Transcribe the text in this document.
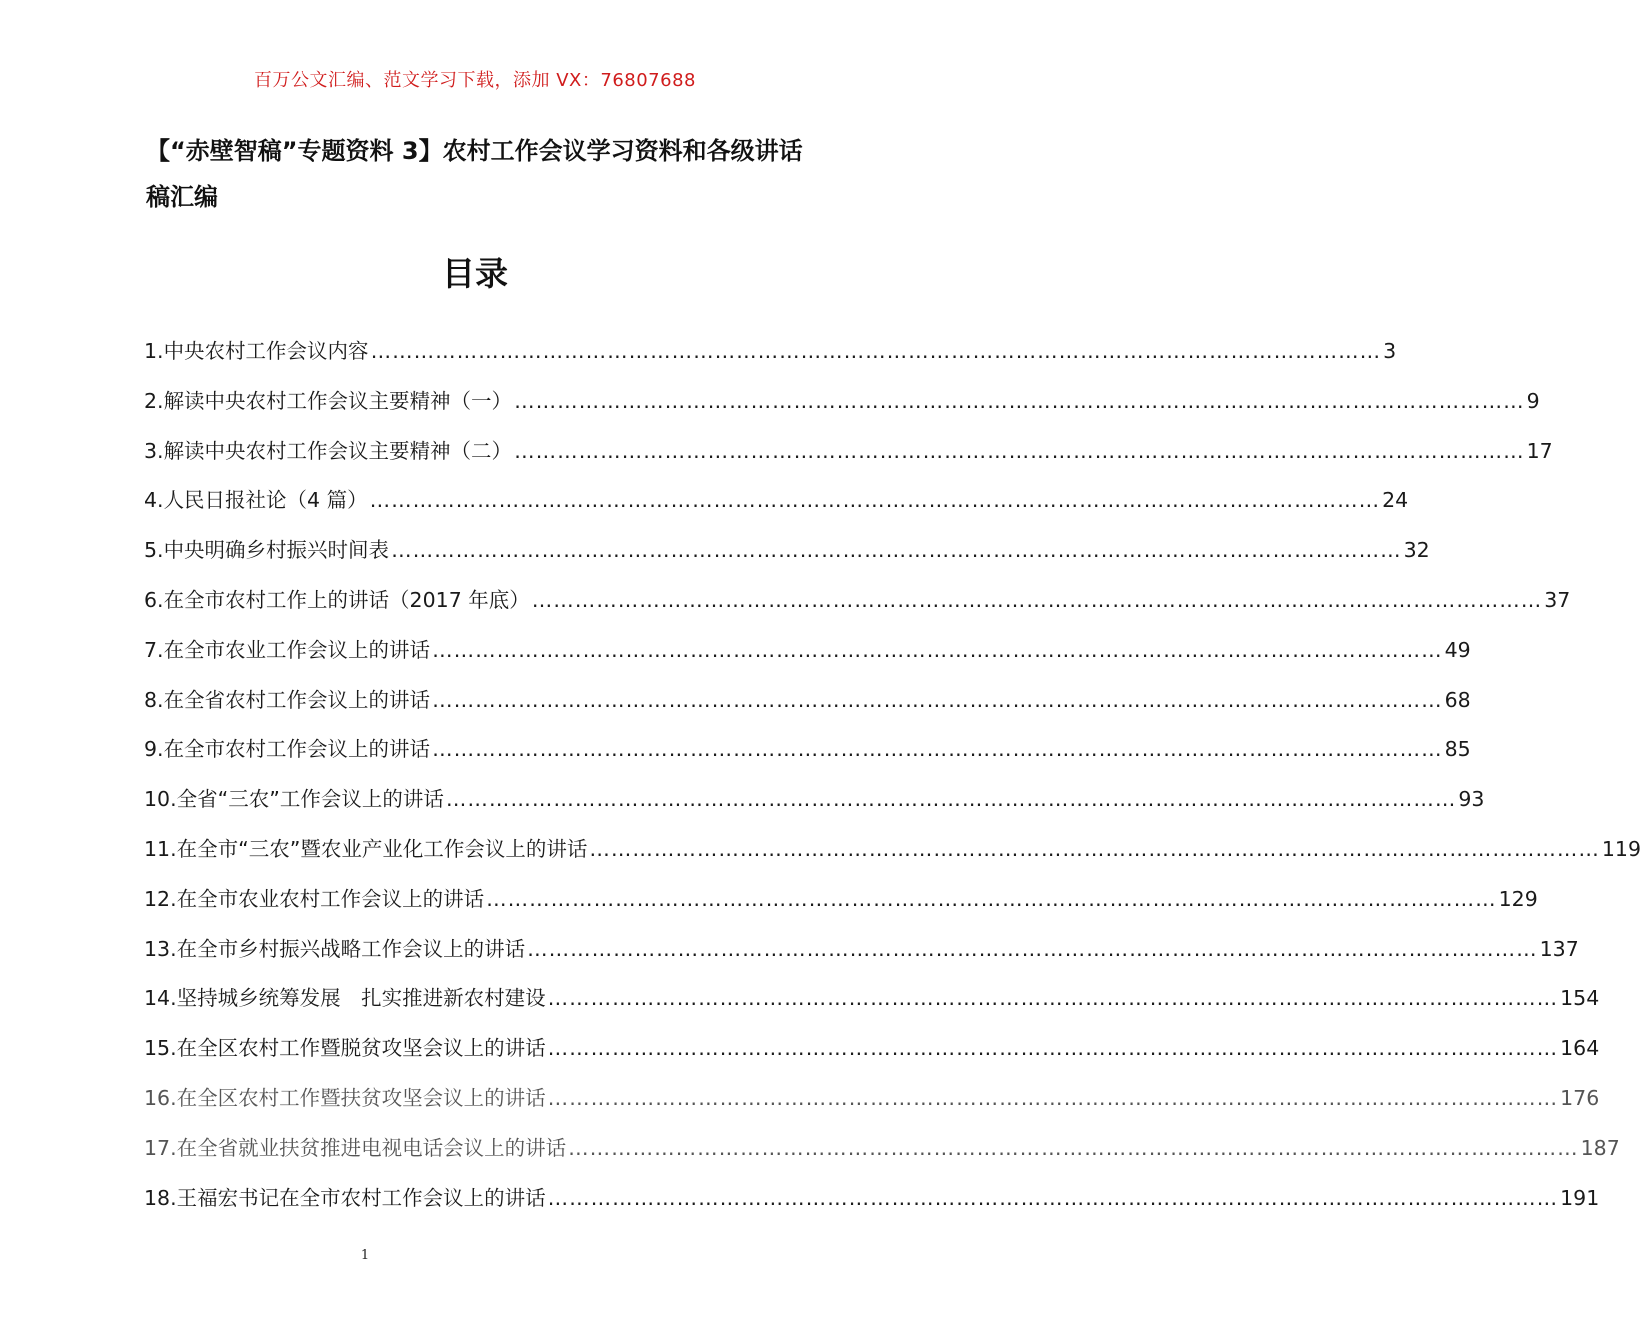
百万公文汇编、范文学习下载，添加 VX：76807688
【“赤壁智稿”专题资料 3】农村工作会议学习资料和各级讲话稿汇编
目录
1. 中央农村工作会议内容 ……………………………………………………………………………………………………………………………	3
2. 解读中央农村工作会议主要精神（一） ……………………………………………………………………………………………………………………………	9
3. 解读中央农村工作会议主要精神（二） ……………………………………………………………………………………………………………………………	17
4. 人民日报社论（4 篇） ……………………………………………………………………………………………………………………………	24
5. 中央明确乡村振兴时间表 ……………………………………………………………………………………………………………………………	32
6. 在全市农村工作上的讲话（2017 年底） ……………………………………………………………………………………………………………………………	37
7. 在全市农业工作会议上的讲话 ……………………………………………………………………………………………………………………………	49
8. 在全省农村工作会议上的讲话 ……………………………………………………………………………………………………………………………	68
9. 在全市农村工作会议上的讲话 ……………………………………………………………………………………………………………………………	85
10. 全省“三农”工作会议上的讲话 ……………………………………………………………………………………………………………………………	93
11. 在全市“三农”暨农业产业化工作会议上的讲话 ……………………………………………………………………………………………………………………………	119
12. 在全市农业农村工作会议上的讲话 ……………………………………………………………………………………………………………………………	129
13. 在全市乡村振兴战略工作会议上的讲话 ……………………………………………………………………………………………………………………………	137
14. 坚持城乡统筹发展　扎实推进新农村建设 ……………………………………………………………………………………………………………………………	154
15. 在全区农村工作暨脱贫攻坚会议上的讲话 ……………………………………………………………………………………………………………………………	164
16. 在全区农村工作暨扶贫攻坚会议上的讲话 ……………………………………………………………………………………………………………………………	176
17. 在全省就业扶贫推进电视电话会议上的讲话 ……………………………………………………………………………………………………………………………	187
18. 王福宏书记在全市农村工作会议上的讲话 ……………………………………………………………………………………………………………………………	191
1
